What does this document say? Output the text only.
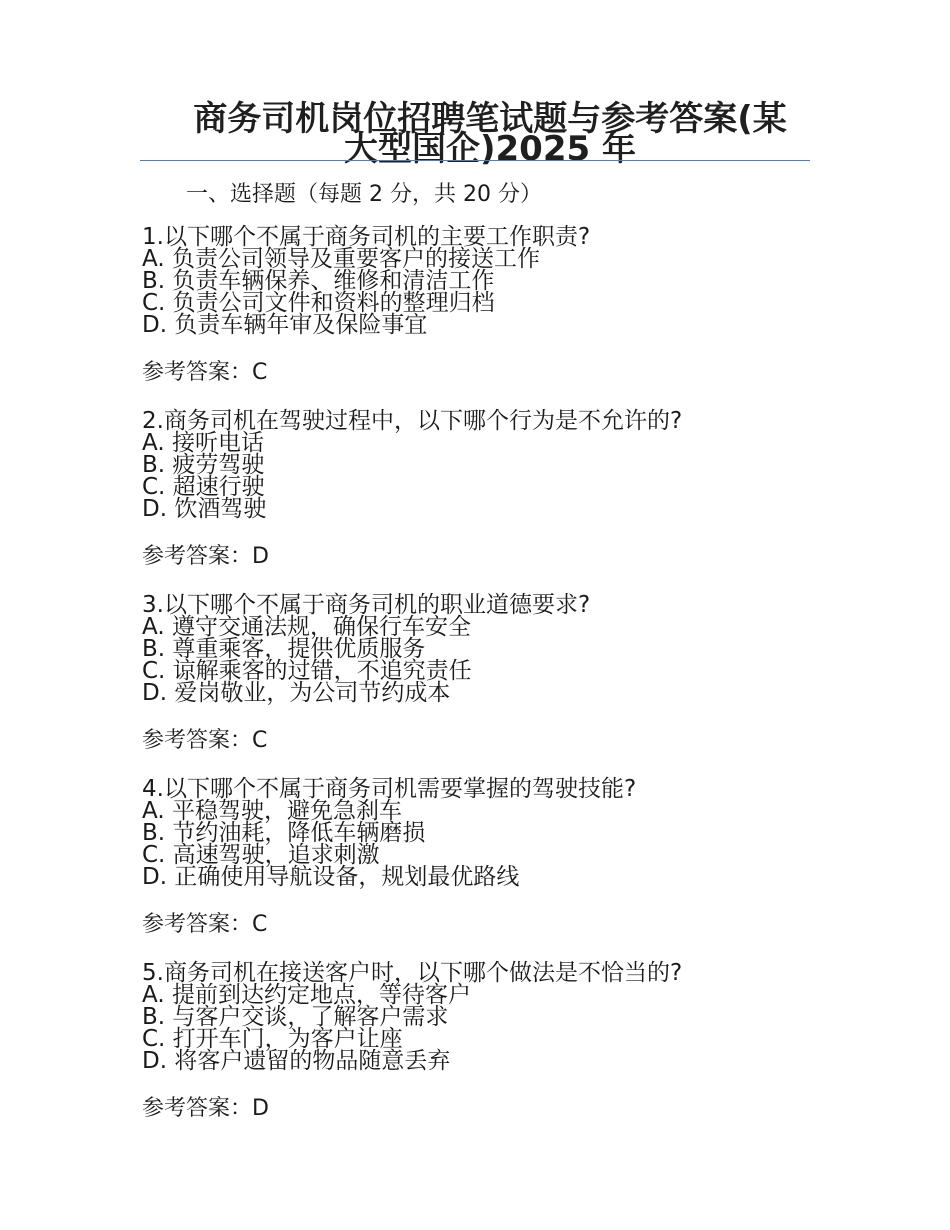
商务司机岗位招聘笔试题与参考答案(某
大型国企)2025 年
一、选择题（每题 2 分，共 20 分）
1.以下哪个不属于商务司机的主要工作职责?
A. 负责公司领导及重要客户的接送工作
B. 负责车辆保养、维修和清洁工作
C. 负责公司文件和资料的整理归档
D. 负责车辆年审及保险事宜
参考答案：C
2.商务司机在驾驶过程中，以下哪个行为是不允许的?
A. 接听电话
B. 疲劳驾驶
C. 超速行驶
D. 饮酒驾驶
参考答案：D
3.以下哪个不属于商务司机的职业道德要求?
A. 遵守交通法规，确保行车安全
B. 尊重乘客，提供优质服务
C. 谅解乘客的过错，不追究责任
D. 爱岗敬业，为公司节约成本
参考答案：C
4.以下哪个不属于商务司机需要掌握的驾驶技能?
A. 平稳驾驶，避免急刹车
B. 节约油耗，降低车辆磨损
C. 高速驾驶，追求刺激
D. 正确使用导航设备，规划最优路线
参考答案：C
5.商务司机在接送客户时，以下哪个做法是不恰当的?
A. 提前到达约定地点，等待客户
B. 与客户交谈，了解客户需求
C. 打开车门，为客户让座
D. 将客户遗留的物品随意丢弃
参考答案：D
